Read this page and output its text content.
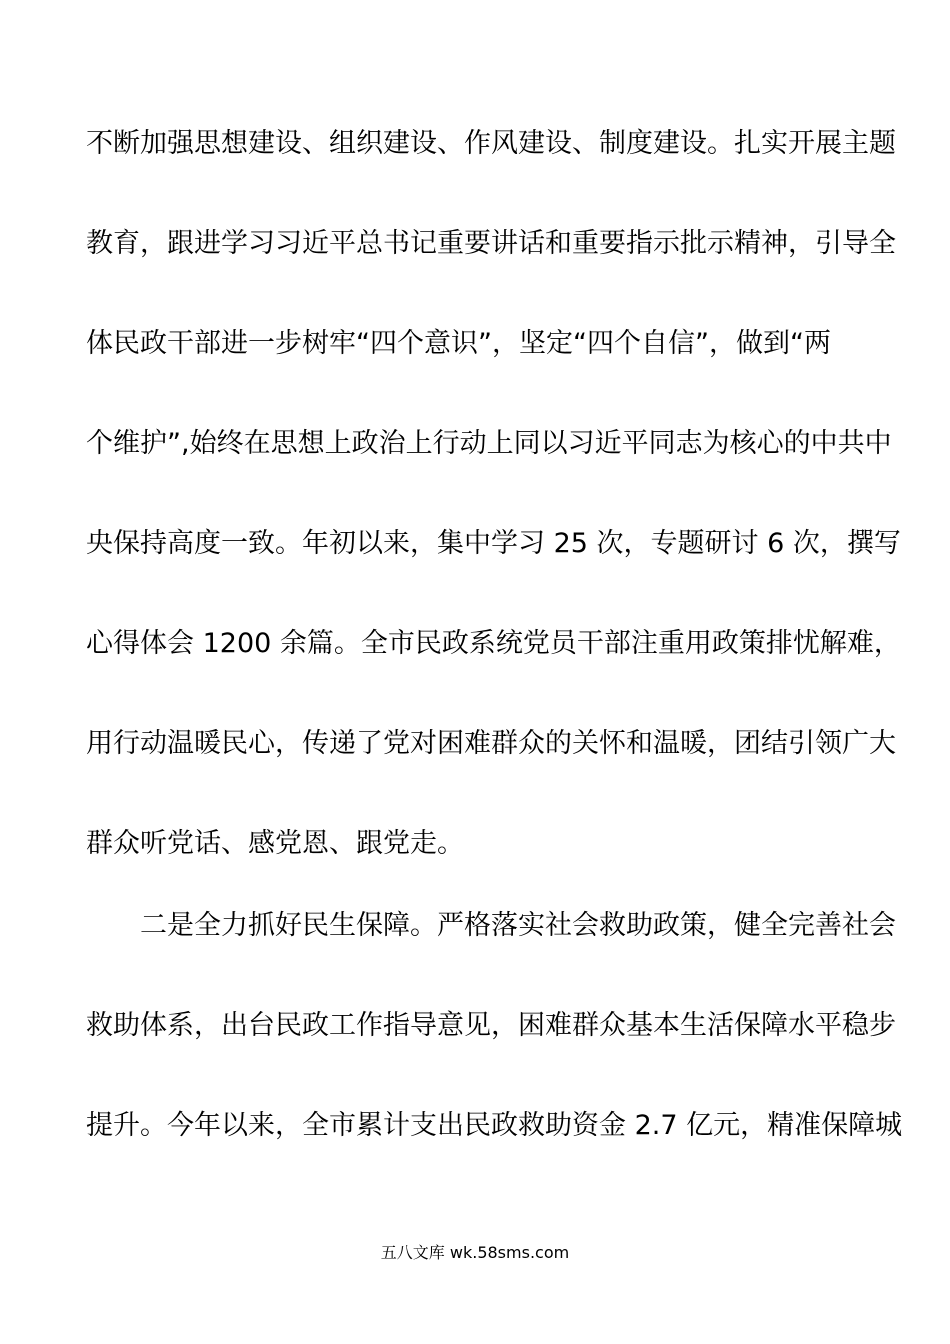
不断加强思想建设、组织建设、作风建设、制度建设。扎实开展主题
教育，跟进学习习近平总书记重要讲话和重要指示批示精神，引导全
体民政干部进一步树牢“四个意识”，坚定“四个自信”，做到“两
个维护”,始终在思想上政治上行动上同以习近平同志为核心的中共中
央保持高度一致。年初以来，集中学习 25 次，专题研讨 6 次，撰写
心得体会 1200 余篇。全市民政系统党员干部注重用政策排忧解难，
用行动温暖民心，传递了党对困难群众的关怀和温暖，团结引领广大
群众听党话、感党恩、跟党走。
二是全力抓好民生保障。严格落实社会救助政策，健全完善社会
救助体系，出台民政工作指导意见，困难群众基本生活保障水平稳步
提升。今年以来，全市累计支出民政救助资金 2.7 亿元，精准保障城
五八文库 wk.58sms.com
